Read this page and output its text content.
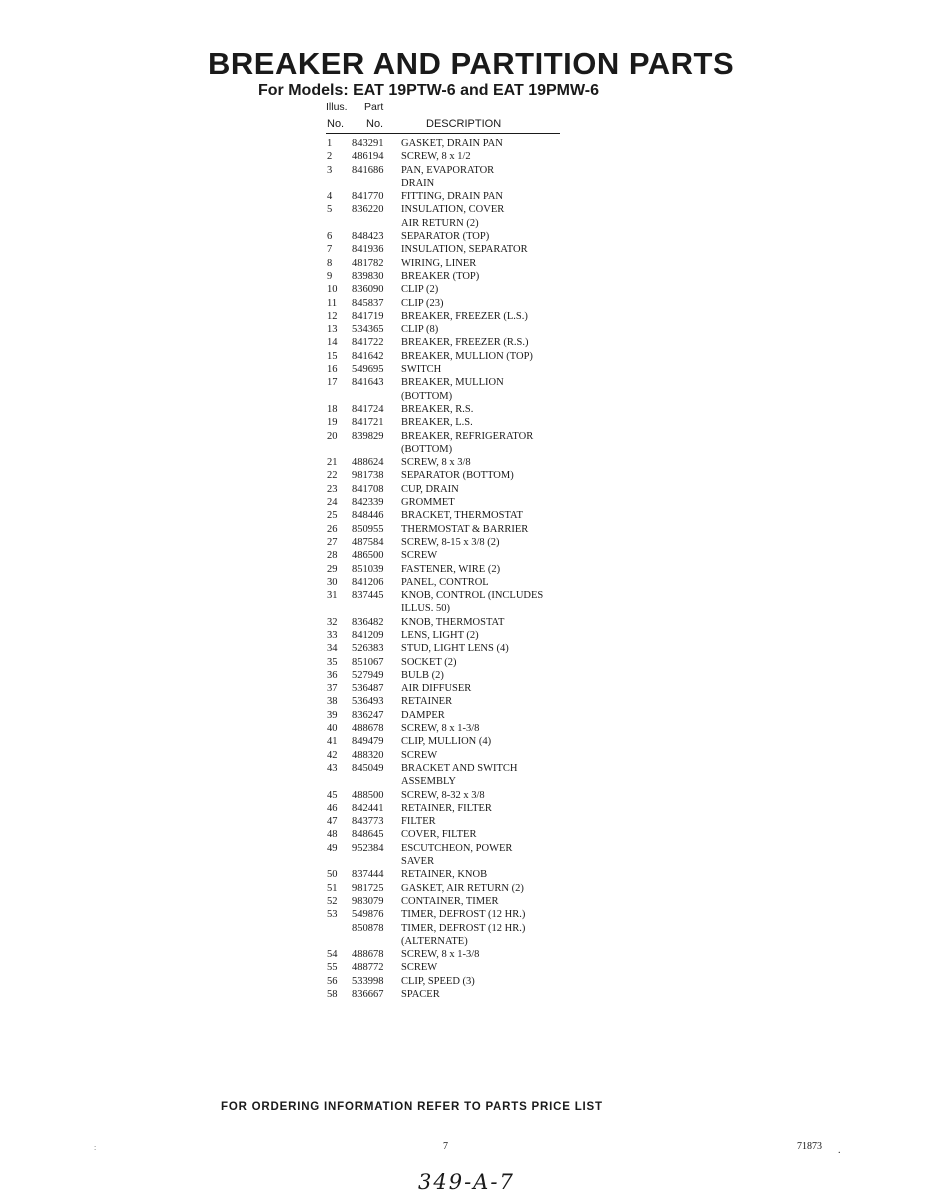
BREAKER AND PARTITION PARTS
For Models: EAT 19PTW-6 and EAT 19PMW-6
Illus. Part
No. No.	DESCRIPTION
1 843291 GASKET, DRAIN PAN
2 486194 SCREW, 8 x 1/2
3 841686 PAN, EVAPORATOR
DRAIN
4 841770 FITTING, DRAIN PAN
5 836220 INSULATION, COVER
AIR RETURN (2)
6 848423 SEPARATOR (TOP)
7 841936 INSULATION, SEPARATOR
8 481782 WIRING, LINER
9 839830 BREAKER (TOP)
10 836090 CLIP (2)
11 845837 CLIP (23)
12 841719 BREAKER, FREEZER (L.S.)
13 534365 CLIP (8)
14 841722 BREAKER, FREEZER (R.S.)
15 841642 BREAKER, MULLION (TOP)
16 549695 SWITCH
17 841643 BREAKER, MULLION
(BOTTOM)
18 841724 BREAKER, R.S.
19 841721 BREAKER, L.S.
20 839829 BREAKER, REFRIGERATOR
(BOTTOM)
21 488624 SCREW, 8 x 3/8
22 981738 SEPARATOR (BOTTOM)
23 841708 CUP, DRAIN
24 842339 GROMMET
25 848446 BRACKET, THERMOSTAT
26 850955 THERMOSTAT & BARRIER
27 487584 SCREW, 8-15 x 3/8 (2)
28 486500 SCREW
29 851039 FASTENER, WIRE (2)
30 841206 PANEL, CONTROL
31 837445 KNOB, CONTROL (INCLUDES
ILLUS. 50)
32 836482 KNOB, THERMOSTAT
33 841209 LENS, LIGHT (2)
34 526383 STUD, LIGHT LENS (4)
35 851067 SOCKET (2)
36 527949 BULB (2)
37 536487 AIR DIFFUSER
38 536493 RETAINER
39 836247 DAMPER
40 488678 SCREW, 8 x 1-3/8
41 849479 CLIP, MULLION (4)
42 488320 SCREW
43 845049 BRACKET AND SWITCH
ASSEMBLY
45 488500 SCREW, 8-32 x 3/8
46 842441 RETAINER, FILTER
47 843773 FILTER
48 848645 COVER, FILTER
49 952384 ESCUTCHEON, POWER
SAVER
50 837444 RETAINER, KNOB
51 981725 GASKET, AIR RETURN (2)
52 983079 CONTAINER, TIMER
53 549876 TIMER, DEFROST (12 HR.)
850878 TIMER, DEFROST (12 HR.)
(ALTERNATE)
54 488678 SCREW, 8 x 1-3/8
55 488772 SCREW
56 533998 CLIP, SPEED (3)
58 836667 SPACER
FOR ORDERING INFORMATION REFER TO PARTS PRICE LIST
7	71873 .
:
349-A-7
